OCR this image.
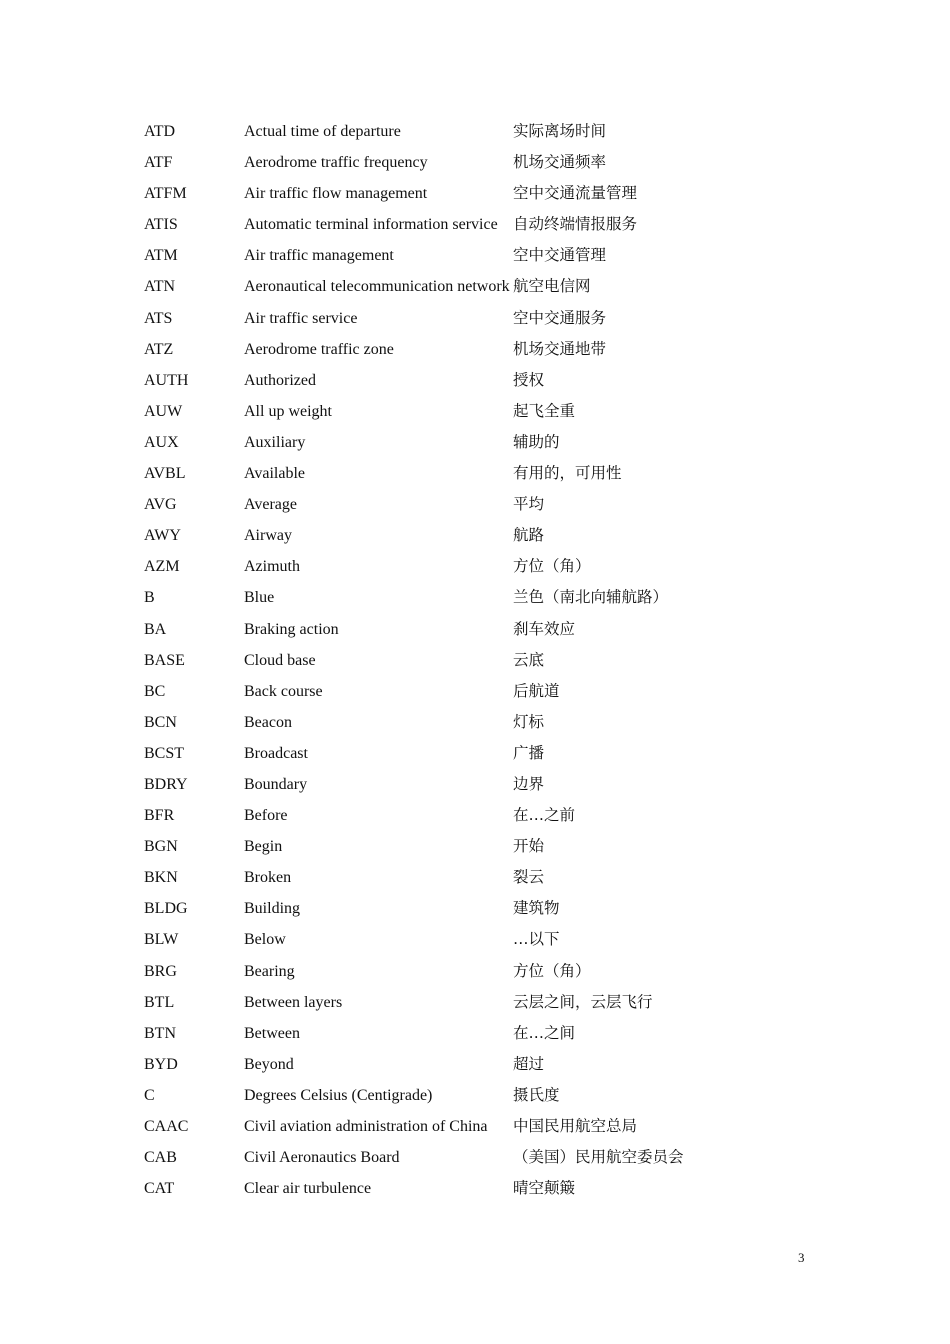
ATD	Actual time of departure	实际离场时间
ATF	Aerodrome traffic frequency	机场交通频率
ATFM	Air traffic flow management	空中交通流量管理
ATIS	Automatic terminal information service 自动终端情报服务
ATM	Air traffic management	空中交通管理
ATN	Aeronautical telecommunication network 航空电信网
ATS	Air traffic service	空中交通服务
ATZ	Aerodrome traffic zone	机场交通地带
AUTH	Authorized	授权
AUW	All up weight	起飞全重
AUX	Auxiliary	辅助的
AVBL	Available	有用的，可用性
AVG	Average	平均
AWY	Airway	航路
AZM	Azimuth	方位（角）
B	Blue	兰色（南北向辅航路）
BA	Braking action	刹车效应
BASE	Cloud base	云底
BC	Back course	后航道
BCN	Beacon	灯标
BCST	Broadcast	广播
BDRY	Boundary	边界
BFR	Before	在…之前
BGN	Begin	开始
BKN	Broken	裂云
BLDG	Building	建筑物
BLW	Below	…以下
BRG	Bearing	方位（角）
BTL	Between layers	云层之间，云层飞行
BTN	Between	在…之间
BYD	Beyond	超过
C	Degrees Celsius (Centigrade)	摄氏度
CAAC	Civil aviation administration of China 中国民用航空总局
CAB	Civil Aeronautics Board	（美国）民用航空委员会
CAT	Clear air turbulence	晴空颠簸
3
